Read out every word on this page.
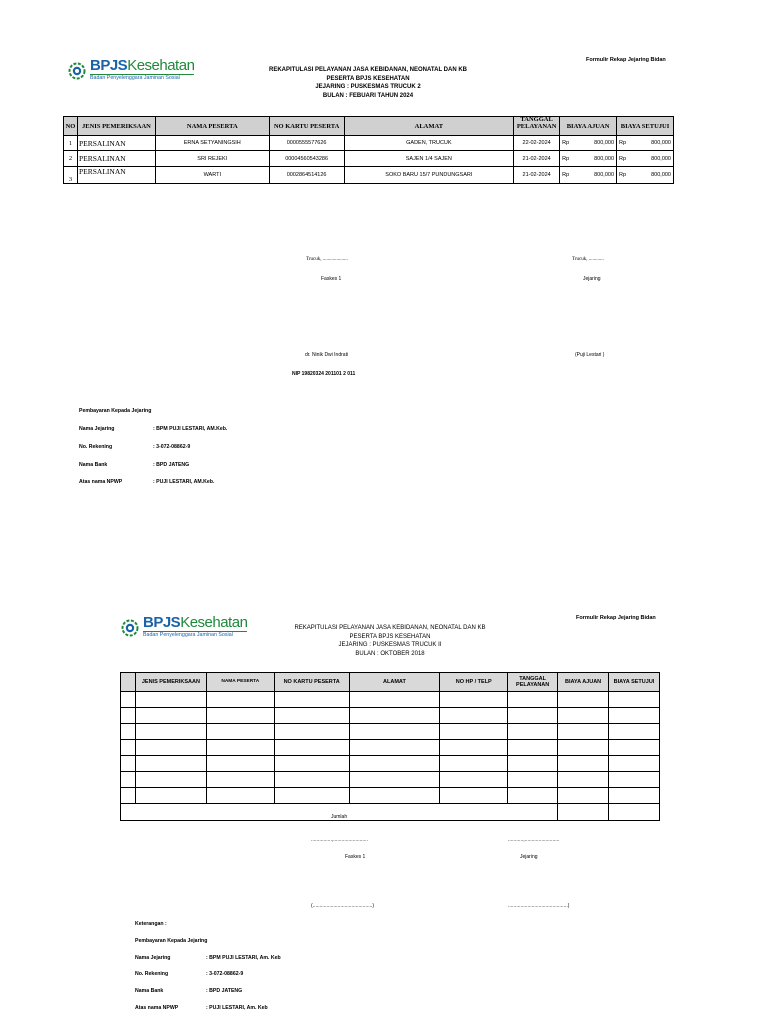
BPJSKesehatan
Badan Penyelenggara Jaminan Sosial
Formulir Rekap Jejaring Bidan
REKAPITULASI PELAYANAN JASA KEBIDANAN, NEONATAL DAN KB
PESERTA BPJS KESEHATAN
JEJARING : PUSKESMAS TRUCUK 2
BULAN : FEBUARI TAHUN 2024
NO	JENIS PEMERIKSAAN	NAMA PESERTA	NO KARTU PESERTA	ALAMAT	TANGGAL PELAYANAN	BIAYA AJUAN	BIAYA SETUJUI
1	PERSALINAN	ERNA SETYANINGSIH	0000555577626	GADEN, TRUCUK	22-02-2024	Rp 800,000	Rp 800,000

2	PERSALINAN	SRI REJEKI	00004560543286	SAJEN 1/4 SAJEN	21-02-2024	Rp 800,000	Rp 800,000

3	PERSALINAN	WARTI	0002864514126	SOKO BARU 15/7 PUNDUNGSARI	21-02-2024	Rp 800,000	Rp 800,000
Trucuk, ....................	Trucuk, ............
Faskes 1	Jejaring
dr. Ninik Dwi Indrati	(Puji Lestari )
NIP 19820324 201101 2 011
Pembayaran Kepada Jejaring
Nama Jejaring	: BPM PUJI LESTARI, AM.Keb.
No. Rekening	: 3-072-08862-9
Nama Bank	: BPD JATENG
Atas nama NPWP	: PUJI LESTARI, AM.Keb.
BPJSKesehatan
Badan Penyelenggara Jaminan Sosial
Formulir Rekap Jejaring Bidan
REKAPITULASI PELAYANAN JASA KEBIDANAN, NEONATAL DAN KB
PESERTA BPJS KESEHATAN
JEJARING : PUSKESMAS TRUCUK II
BULAN : OKTOBER 2018
	JENIS PEMERIKSAAN	NAMA PESERTA	NO KARTU PESERTA	ALAMAT	NO HP / TELP	TANGGAL PELAYANAN	BIAYA AJUAN	BIAYA SETUJUI

Jumlah								
...............,.........................	...........,.........................
Faskes 1	Jejaring
(...........................................)	...........................................)
Keterangan :
Pembayaran Kepada Jejaring
Nama Jejaring	: BPM PUJI LESTARI, Am. Keb
No. Rekening	: 3-072-08862-9
Nama Bank	: BPD JATENG
Atas nama NPWP	: PUJI LESTARI, Am. Keb
